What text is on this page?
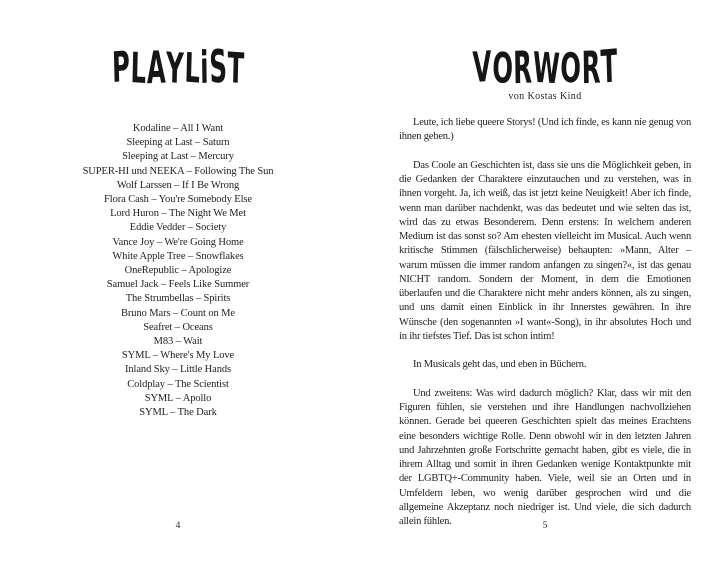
PLAYLiST
Kodaline – All I Want
Sleeping at Last – Saturn
Sleeping at Last – Mercury
SUPER-HI und NEEKA – Following The Sun
Wolf Larssen – If I Be Wrong
Flora Cash – You're Somebody Else
Lord Huron – The Night We Met
Eddie Vedder – Society
Vance Joy – We're Going Home
White Apple Tree – Snowflakes
OneRepublic – Apologize
Samuel Jack – Feels Like Summer
The Strumbellas – Spirits
Bruno Mars – Count on Me
Seafret – Oceans
M83 – Wait
SYML – Where's My Love
Inland Sky – Little Hands
Coldplay – The Scientist
SYML – Apollo
SYML – The Dark

4

VORWORT

von Kostas Kind

Leute, ich liebe queere Storys! (Und ich finde, es kann nie genug von ihnen geben.)

Das Coole an Geschichten ist, dass sie uns die Möglichkeit geben, in die Gedanken der Charaktere einzutauchen und zu verstehen, was in ihnen vorgeht. Ja, ich weiß, das ist jetzt keine Neuigkeit! Aber ich finde, wenn man darüber nachdenkt, was das bedeutet und wie selten das ist, wird das zu etwas Besonderem. Denn erstens: In welchem anderen Medium ist das sonst so? Am ehesten vielleicht im Musical. Auch wenn kritische Stimmen (fälschlicherweise) behaupten: »Mann, Alter – warum müssen die immer random anfangen zu singen?«, ist das genau NICHT random. Sondern der Moment, in dem die Emotionen überlaufen und die Charaktere nicht mehr anders können, als zu singen, und uns damit einen Einblick in ihr Innerstes gewähren. In ihre Wünsche (den sogenannten »I want«-Song), in ihr absolutes Hoch und in ihr tiefstes Tief. Das ist schon intim!

In Musicals geht das, und eben in Büchern.

Und zweitens: Was wird dadurch möglich? Klar, dass wir mit den Figuren fühlen, sie verstehen und ihre Handlungen nachvollziehen können. Gerade bei queeren Geschichten spielt das meines Erachtens eine besonders wichtige Rolle. Denn obwohl wir in den letzten Jahren und Jahrzehnten große Fortschritte gemacht haben, gibt es viele, die in ihrem Alltag und somit in ihren Gedanken wenige Kontaktpunkte mit der LGBTQ+-Community haben. Viele, weil sie an Orten und in Umfeldern leben, wo wenig darüber gesprochen wird und die allgemeine Akzeptanz noch niedriger ist. Und viele, die sich dadurch allein fühlen.	5
